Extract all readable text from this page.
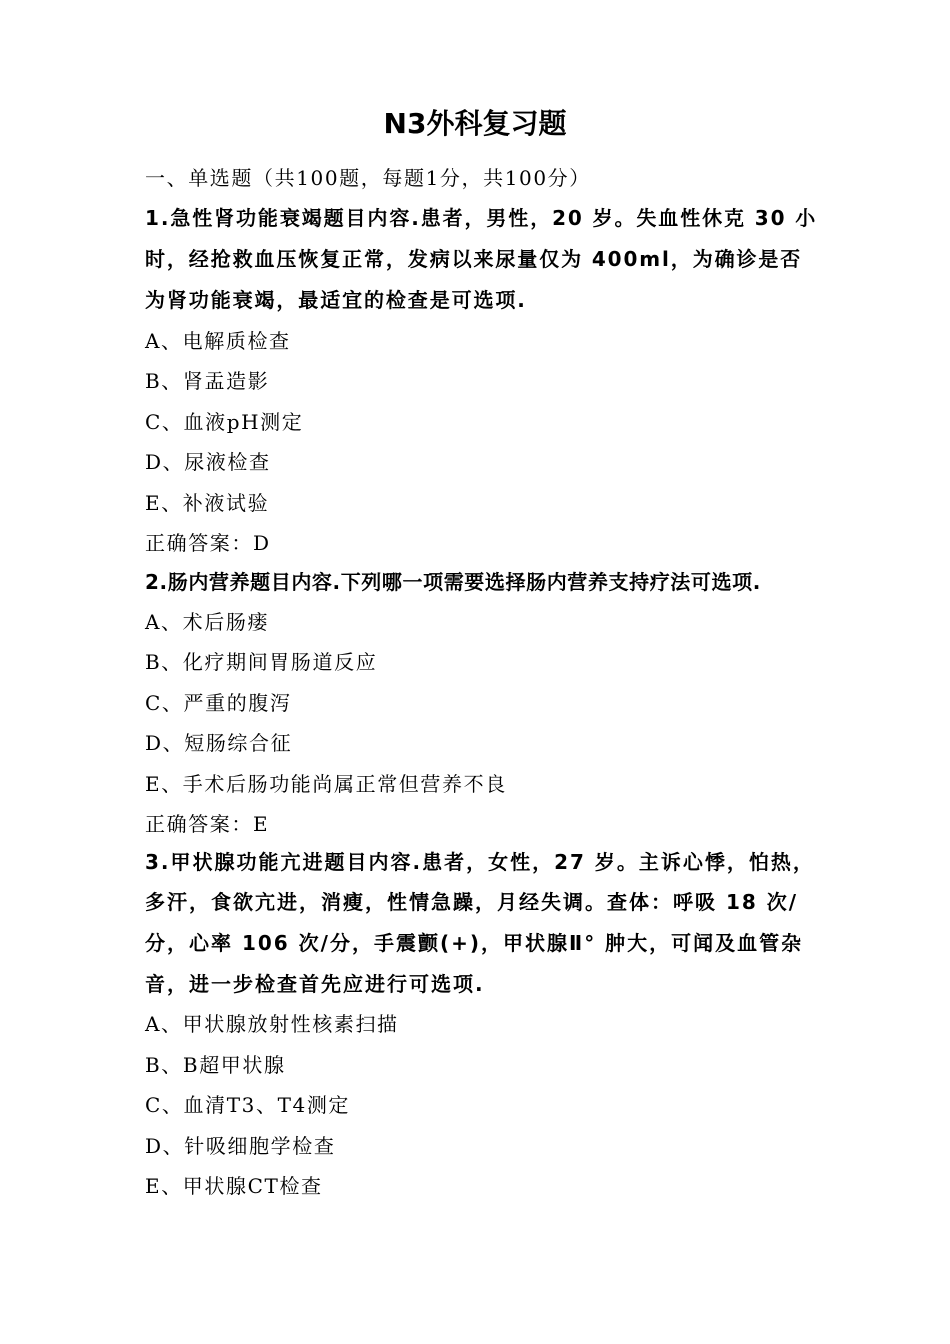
N3外科复习题
一、单选题（共100题，每题1分，共100分）
1.急性肾功能衰竭题目内容.患者，男性，20 岁。失血性休克 30 小
时，经抢救血压恢复正常，发病以来尿量仅为 400ml，为确诊是否
为肾功能衰竭，最适宜的检查是可选项.
A、电解质检查
B、肾盂造影
C、血液pH测定
D、尿液检查
E、补液试验
正确答案：D
2.肠内营养题目内容.下列哪一项需要选择肠内营养支持疗法可选项.
A、术后肠瘘
B、化疗期间胃肠道反应
C、严重的腹泻
D、短肠综合征
E、手术后肠功能尚属正常但营养不良
正确答案：E
3.甲状腺功能亢进题目内容.患者，女性，27 岁。主诉心悸，怕热，
多汗，食欲亢进，消瘦，性情急躁，月经失调。查体：呼吸 18 次/
分，心率 106 次/分，手震颤(+)，甲状腺Ⅱ° 肿大，可闻及血管杂
音，进一步检查首先应进行可选项.
A、甲状腺放射性核素扫描
B、B超甲状腺
C、血清T3、T4测定
D、针吸细胞学检查
E、甲状腺CT检查
